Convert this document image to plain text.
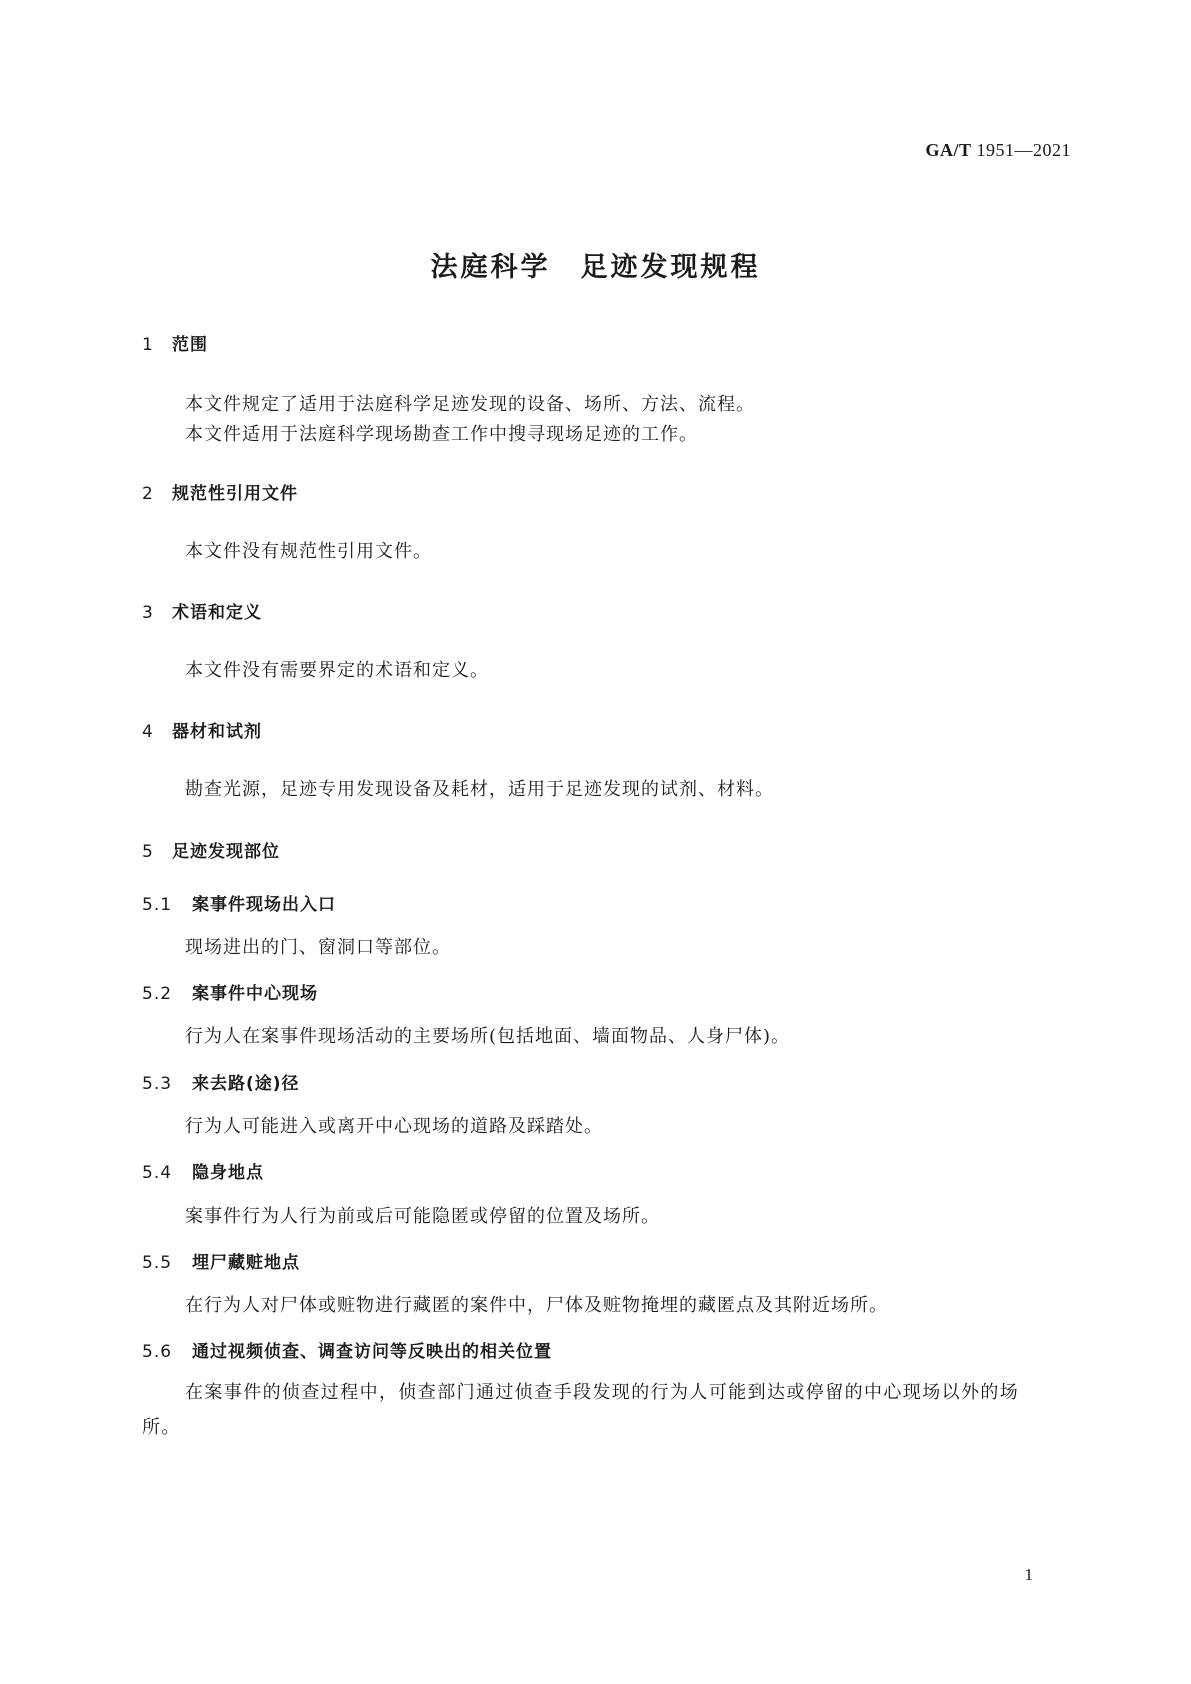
GA/T 1951—2021
法庭科学　足迹发现规程
1 范围
本文件规定了适用于法庭科学足迹发现的设备、场所、方法、流程。
本文件适用于法庭科学现场勘查工作中搜寻现场足迹的工作。
2 规范性引用文件
本文件没有规范性引用文件。
3 术语和定义
本文件没有需要界定的术语和定义。
4 器材和试剂
勘查光源，足迹专用发现设备及耗材，适用于足迹发现的试剂、材料。
5 足迹发现部位
5.1 案事件现场出入口
现场进出的门、窗洞口等部位。
5.2 案事件中心现场
行为人在案事件现场活动的主要场所(包括地面、墙面物品、人身尸体)。
5.3 来去路(途)径
行为人可能进入或离开中心现场的道路及踩踏处。
5.4 隐身地点
案事件行为人行为前或后可能隐匿或停留的位置及场所。
5.5 埋尸藏赃地点
在行为人对尸体或赃物进行藏匿的案件中，尸体及赃物掩埋的藏匿点及其附近场所。
5.6 通过视频侦查、调查访问等反映出的相关位置
在案事件的侦查过程中，侦查部门通过侦查手段发现的行为人可能到达或停留的中心现场以外的场所。
1
